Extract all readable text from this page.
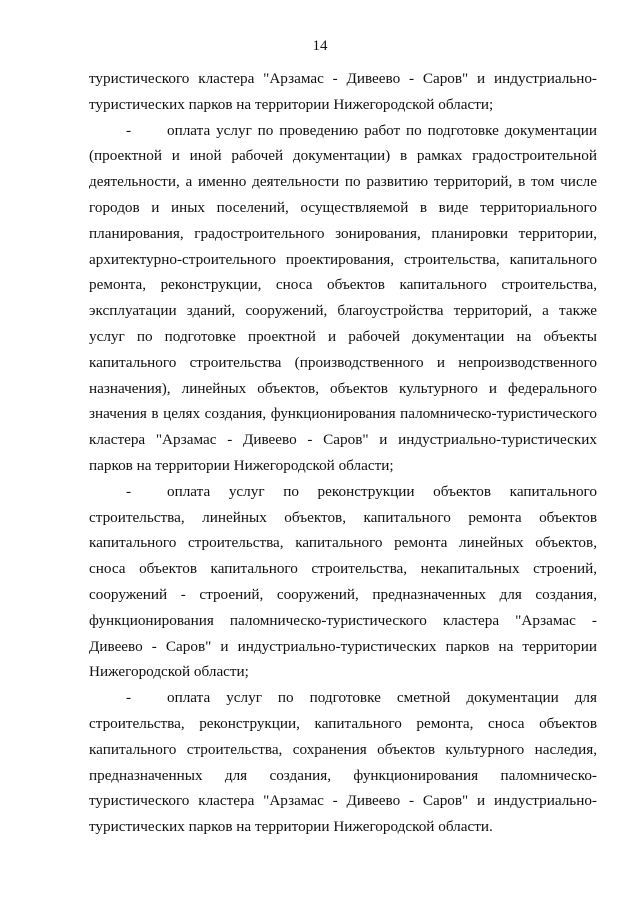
14
туристического кластера "Арзамас - Дивеево - Саров" и индустриально-
туристических парков на территории Нижегородской области;
-	оплата услуг по проведению работ по подготовке документации
(проектной и иной рабочей документации) в рамках градостроительной
деятельности, а именно деятельности по развитию территорий, в том числе
городов и иных поселений, осуществляемой в виде территориального
планирования, градостроительного зонирования, планировки территории,
архитектурно-строительного проектирования, строительства, капитального
ремонта, реконструкции, сноса объектов капитального строительства,
эксплуатации зданий, сооружений, благоустройства территорий, а также
услуг по подготовке проектной и рабочей документации на объекты
капитального строительства (производственного и непроизводственного
назначения), линейных объектов, объектов культурного и федерального
значения в целях создания, функционирования паломническо-туристического
кластера "Арзамас - Дивеево - Саров" и индустриально-туристических
парков на территории Нижегородской области;
-	оплата услуг по реконструкции объектов капитального
строительства, линейных объектов, капитального ремонта объектов
капитального строительства, капитального ремонта линейных объектов,
сноса объектов капитального строительства, некапитальных строений,
сооружений - строений, сооружений, предназначенных для создания,
функционирования паломническо-туристического кластера "Арзамас -
Дивеево - Саров" и индустриально-туристических парков на территории
Нижегородской области;
-	оплата услуг по подготовке сметной документации для
строительства, реконструкции, капитального ремонта, сноса объектов
капитального строительства, сохранения объектов культурного наследия,
предназначенных для создания, функционирования паломническо-
туристического кластера "Арзамас - Дивеево - Саров" и индустриально-
туристических парков на территории Нижегородской области.
